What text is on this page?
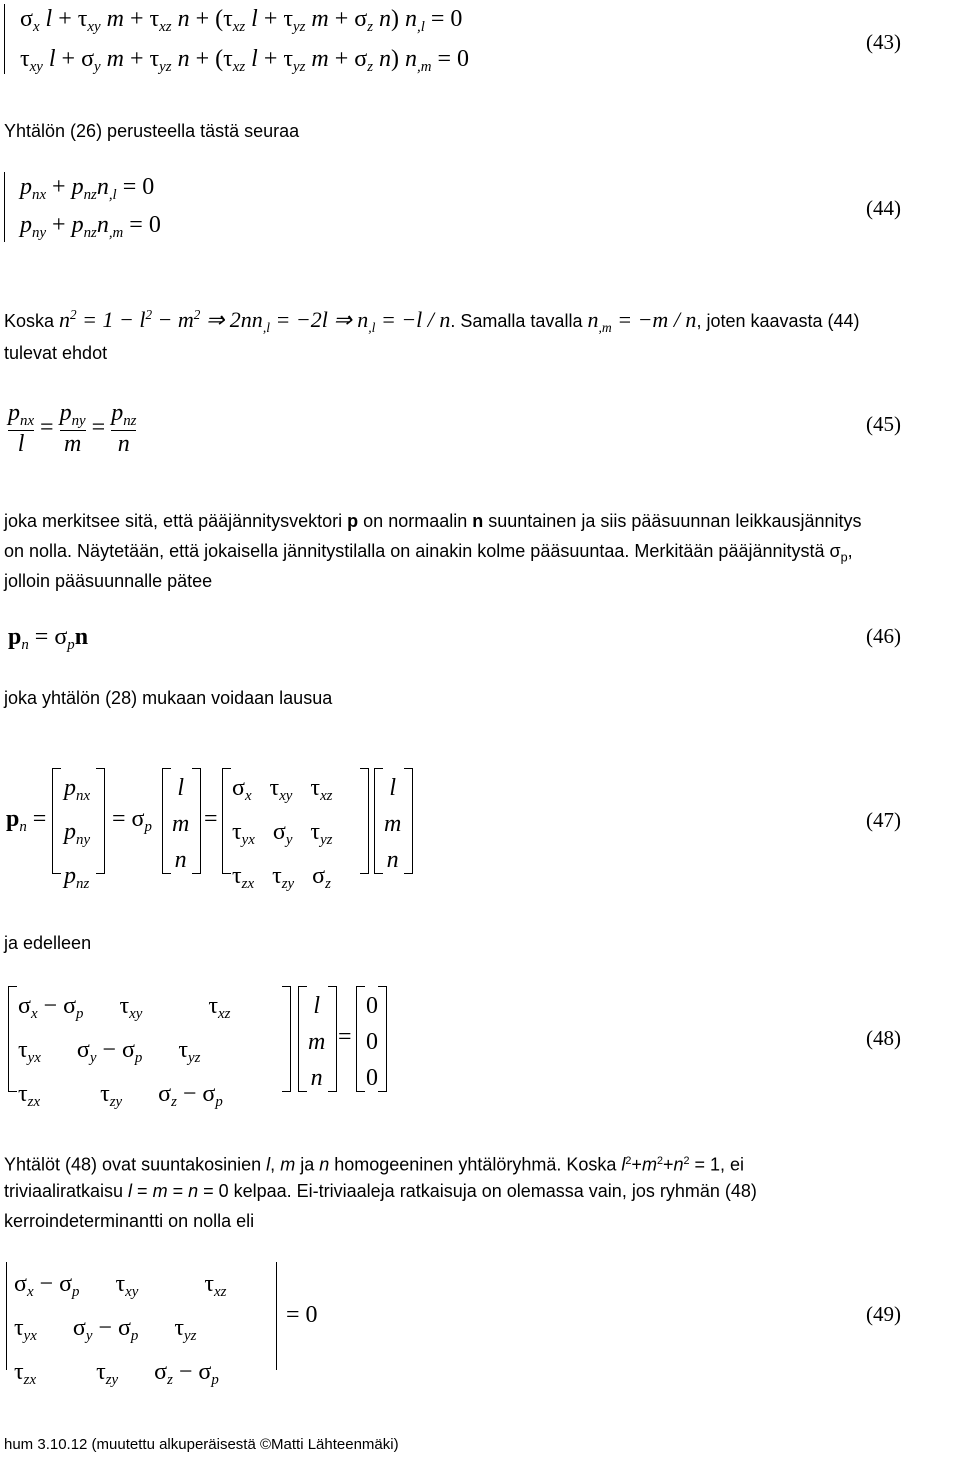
$\sigma_x$ $l + \tau_{xy}$ $m + \tau_{xz}$ $n + (\tau_{xz}$ $l + \tau_{yz}$ $m + \sigma_z$ n) $n_{,l} = 0$
$\tau_{xy}$ $l + \sigma_y$ $m + \tau_{yz}$ $n + (\tau_{xz}$ $l + \tau_{yz}$ $m + \sigma_z$ n) $n_{,m} = 0$
(43)

Yhtälön (26) perusteella tästä seuraa

$p_{nx} + p_{nz}n_{,l} = 0$
$p_{ny} + p_{nz}n_{,m} = 0$
(44)
Koska $n^2 = 1 - l^2 - m^2$ ⇒ $2nn_{,l} = -2l$ ⇒ $n_{,l} = -l / n$. Samalla tavalla $n_{,m} = -m / n$, joten kaavasta (44)

tulevat ehdot

$p_{nx}$

l
= $p_{ny}$

m
= $p_{nz}$

n
(45)
joka merkitsee sitä, että pääjännitysvektori p on normaalin n suuntainen ja siis pääsuunnan leikkausjännitys
on nolla. Näytetään, että jokaisella jännitystilalla on ainakin kolme pääsuuntaa. Merkitään pääjännitystä $\sigma_p$,

jolloin pääsuunnalle pätee

$p_n = \sigma_pn$	(46)

joka yhtälön (28) mukaan voidaan lausua

$p_n$ =
$p_{nx}$
$p_{ny}$
$p_{nz}$
= $\sigma_p$
l
m
n
=
$\sigma_x$   $\tau_{xy}$   $\tau_{xz}$
$\tau_{yx}$   $\sigma_y$   $\tau_{yz}$
$\tau_{zx}$   $\tau_{zy}$   $\sigma_z$
l
m
n
(47)

ja edelleen

$\sigma_x - \sigma_p$      $\tau_{xy}$           $\tau_{xz}$
$\tau_{yx}$      $\sigma_y - \sigma_p$      $\tau_{yz}$
$\tau_{zx}$          $\tau_{zy}$      $\sigma_z - \sigma_p$
l
m
n
=
0
0
0
(48)
Yhtälöt (48) ovat suuntakosinien l, m ja n homogeeninen yhtälöryhmä. Koska $l^2+m^2+n^2 = 1$, ei
triviaaliratkaisu l = m = n = 0 kelpaa. Ei-triviaaleja ratkaisuja on olemassa vain, jos ryhmän (48)

kerroindeterminantti on nolla eli

$\sigma_x - \sigma_p$      $\tau_{xy}$           $\tau_{xz}$
$\tau_{yx}$      $\sigma_y - \sigma_p$      $\tau_{yz}$
$\tau_{zx}$          $\tau_{zy}$      $\sigma_z - \sigma_p$
= 0	(49)
hum 3.10.12 (muutettu alkuperäisestä ©Matti Lähteenmäki)
